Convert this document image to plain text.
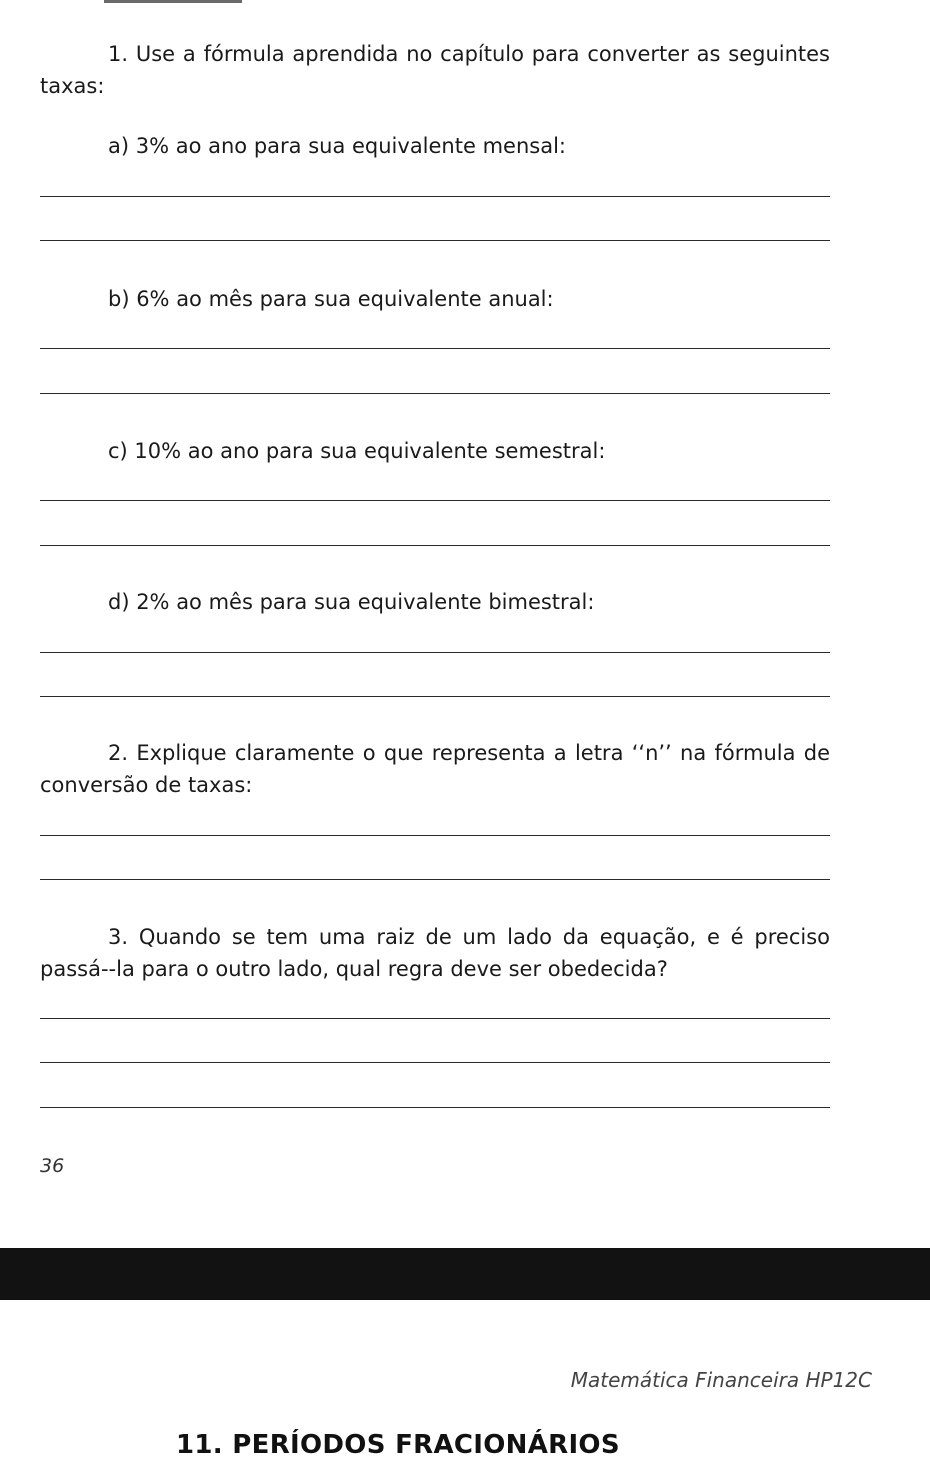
1. Use a fórmula aprendida no capítulo para converter as seguintes taxas:

a) 3% ao ano para sua equivalente mensal:

b) 6% ao mês para sua equivalente anual:

c) 10% ao ano para sua equivalente semestral:

d) 2% ao mês para sua equivalente bimestral:

2. Explique claramente o que representa a letra ‘‘n’’ na fórmula de conversão de taxas:

3. Quando se tem uma raiz de um lado da equação, e é preciso passá--la para o outro lado, qual regra deve ser obedecida?

36
Matemática Financeira HP12C
11. PERÍODOS FRACIONÁRIOS
